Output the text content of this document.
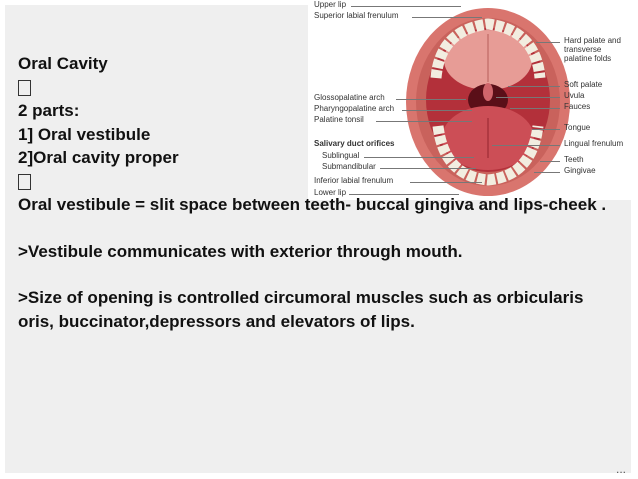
Upper lip
Superior labial frenulum
Glossopalatine arch
Pharyngopalatine arch
Palatine tonsil
Salivary duct orifices
Sublingual
Submandibular
Inferior labial frenulum
Lower lip
Hard palate and
transverse
palatine folds
Soft palate
Uvula
Fauces
Tongue
Lingual frenulum
Teeth
Gingivae
Oral Cavity
2 parts:
1] Oral vestibule
2]Oral cavity proper
Oral vestibule = slit space between teeth- buccal gingiva and lips-cheek .
>Vestibule communicates with exterior through mouth.
>Size of opening is controlled circumoral muscles such as orbicularis oris, buccinator,depressors and elevators of lips.
...
